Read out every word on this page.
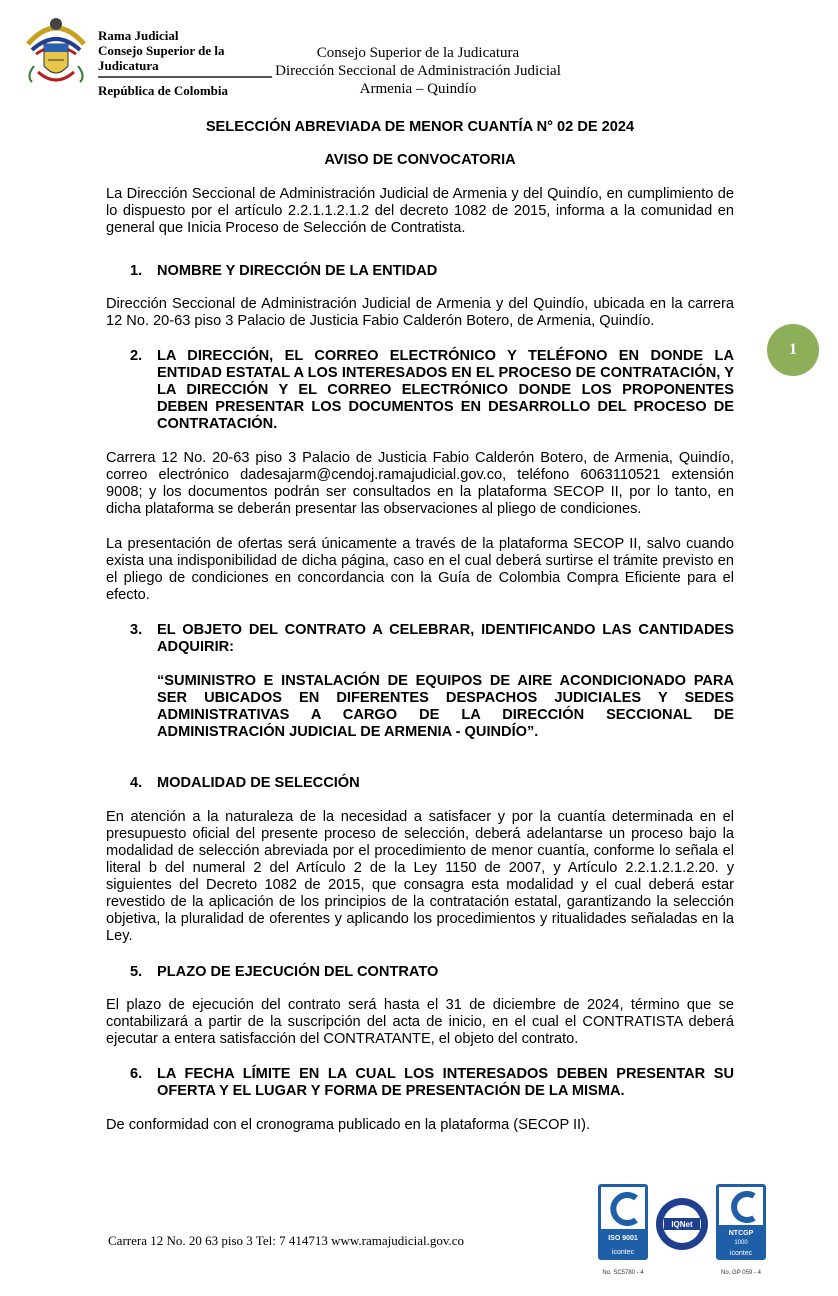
Rama Judicial
Consejo Superior de la Judicatura
República de Colombia
Consejo Superior de la Judicatura
Dirección Seccional de Administración Judicial
Armenia – Quindío
1
SELECCIÓN ABREVIADA DE MENOR CUANTÍA N° 02 DE 2024
AVISO DE CONVOCATORIA
La Dirección Seccional de Administración Judicial de Armenia y del Quindío, en cumplimiento de lo dispuesto por el artículo 2.2.1.1.2.1.2 del decreto 1082 de 2015, informa a la comunidad en general que Inicia Proceso de Selección de Contratista.
1.	NOMBRE Y DIRECCIÓN DE LA ENTIDAD
Dirección Seccional de Administración Judicial de Armenia y del Quindío, ubicada en la carrera 12 No. 20-63 piso 3 Palacio de Justicia Fabio Calderón Botero, de Armenia, Quindío.
2.	LA DIRECCIÓN, EL CORREO ELECTRÓNICO Y TELÉFONO EN DONDE LA ENTIDAD ESTATAL A LOS INTERESADOS EN EL PROCESO DE CONTRATACIÓN, Y LA DIRECCIÓN Y EL CORREO ELECTRÓNICO DONDE LOS PROPONENTES DEBEN PRESENTAR LOS DOCUMENTOS EN DESARROLLO DEL PROCESO DE CONTRATACIÓN.
Carrera 12 No. 20-63 piso 3 Palacio de Justicia Fabio Calderón Botero, de Armenia, Quindío, correo electrónico dadesajarm@cendoj.ramajudicial.gov.co, teléfono 6063110521 extensión 9008; y los documentos podrán ser consultados en la plataforma SECOP II, por lo tanto, en dicha plataforma se deberán presentar las observaciones al pliego de condiciones.
La presentación de ofertas será únicamente a través de la plataforma SECOP II, salvo cuando exista una indisponibilidad de dicha página, caso en el cual deberá surtirse el trámite previsto en el pliego de condiciones en concordancia con la Guía de Colombia Compra Eficiente para el efecto.
3.	EL OBJETO DEL CONTRATO A CELEBRAR, IDENTIFICANDO LAS CANTIDADES ADQUIRIR:
“SUMINISTRO E INSTALACIÓN DE EQUIPOS DE AIRE ACONDICIONADO PARA SER UBICADOS EN DIFERENTES DESPACHOS JUDICIALES Y SEDES ADMINISTRATIVAS A CARGO DE LA DIRECCIÓN SECCIONAL DE ADMINISTRACIÓN JUDICIAL DE ARMENIA - QUINDÍO”.
4.	MODALIDAD DE SELECCIÓN
En atención a la naturaleza de la necesidad a satisfacer y por la cuantía determinada en el presupuesto oficial del presente proceso de selección, deberá adelantarse un proceso bajo la modalidad de selección abreviada por el procedimiento de menor cuantía, conforme lo señala el literal b del numeral 2 del Artículo 2 de la Ley 1150 de 2007, y Artículo 2.2.1.2.1.2.20. y siguientes del Decreto 1082 de 2015, que consagra esta modalidad y el cual deberá estar revestido de la aplicación de los principios de la contratación estatal, garantizando la selección objetiva, la pluralidad de oferentes y aplicando los procedimientos y ritualidades señaladas en la Ley.
5.	PLAZO DE EJECUCIÓN DEL CONTRATO
El plazo de ejecución del contrato será hasta el 31 de diciembre de 2024, término que se contabilizará a partir de la suscripción del acta de inicio, en el cual el CONTRATISTA deberá ejecutar a entera satisfacción del CONTRATANTE, el objeto del contrato.
6.	LA FECHA LÍMITE EN LA CUAL LOS INTERESADOS DEBEN PRESENTAR SU OFERTA Y EL LUGAR Y FORMA DE PRESENTACIÓN DE LA MISMA.
De conformidad con el cronograma publicado en la plataforma (SECOP II).
Carrera 12 No. 20 63 piso 3 Tel: 7 414713 www.ramajudicial.gov.co	ISO 9001
icontec
No. SC5780 - 4
IQNet
NTCGP
1000
icontec
No. GP 059 - 4
